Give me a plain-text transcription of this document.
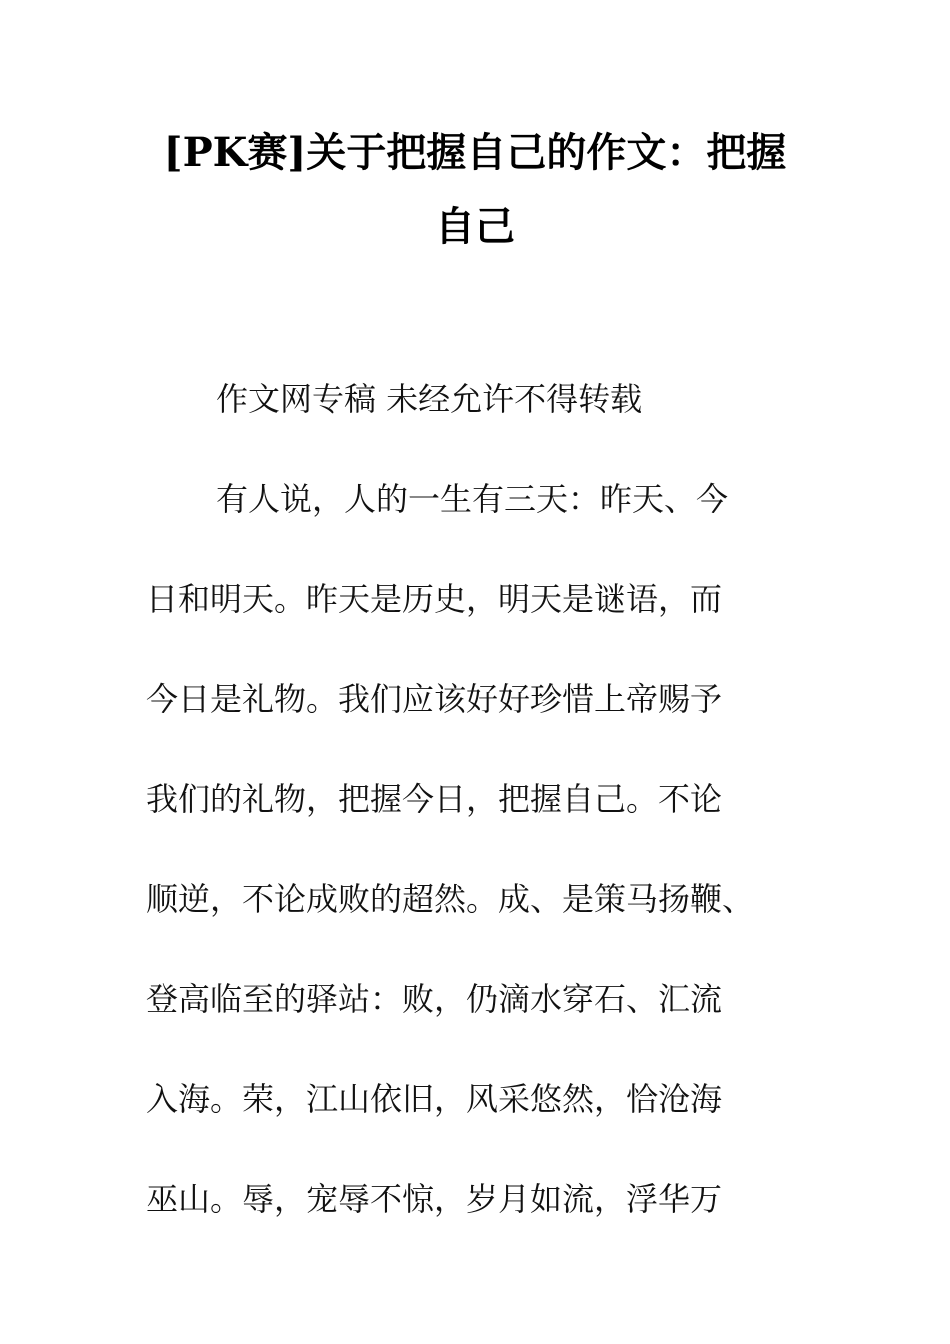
[PK赛]关于把握自己的作文：把握
自己
作文网专稿 未经允许不得转载
有人说，人的一生有三天：昨天、今
日和明天。昨天是历史，明天是谜语，而
今日是礼物。我们应该好好珍惜上帝赐予
我们的礼物，把握今日，把握自己。不论
顺逆，不论成败的超然。成、是策马扬鞭、
登高临至的驿站：败，仍滴水穿石、汇流
入海。荣，江山依旧，风采悠然，恰沧海
巫山。辱，宠辱不惊，岁月如流，浮华万
